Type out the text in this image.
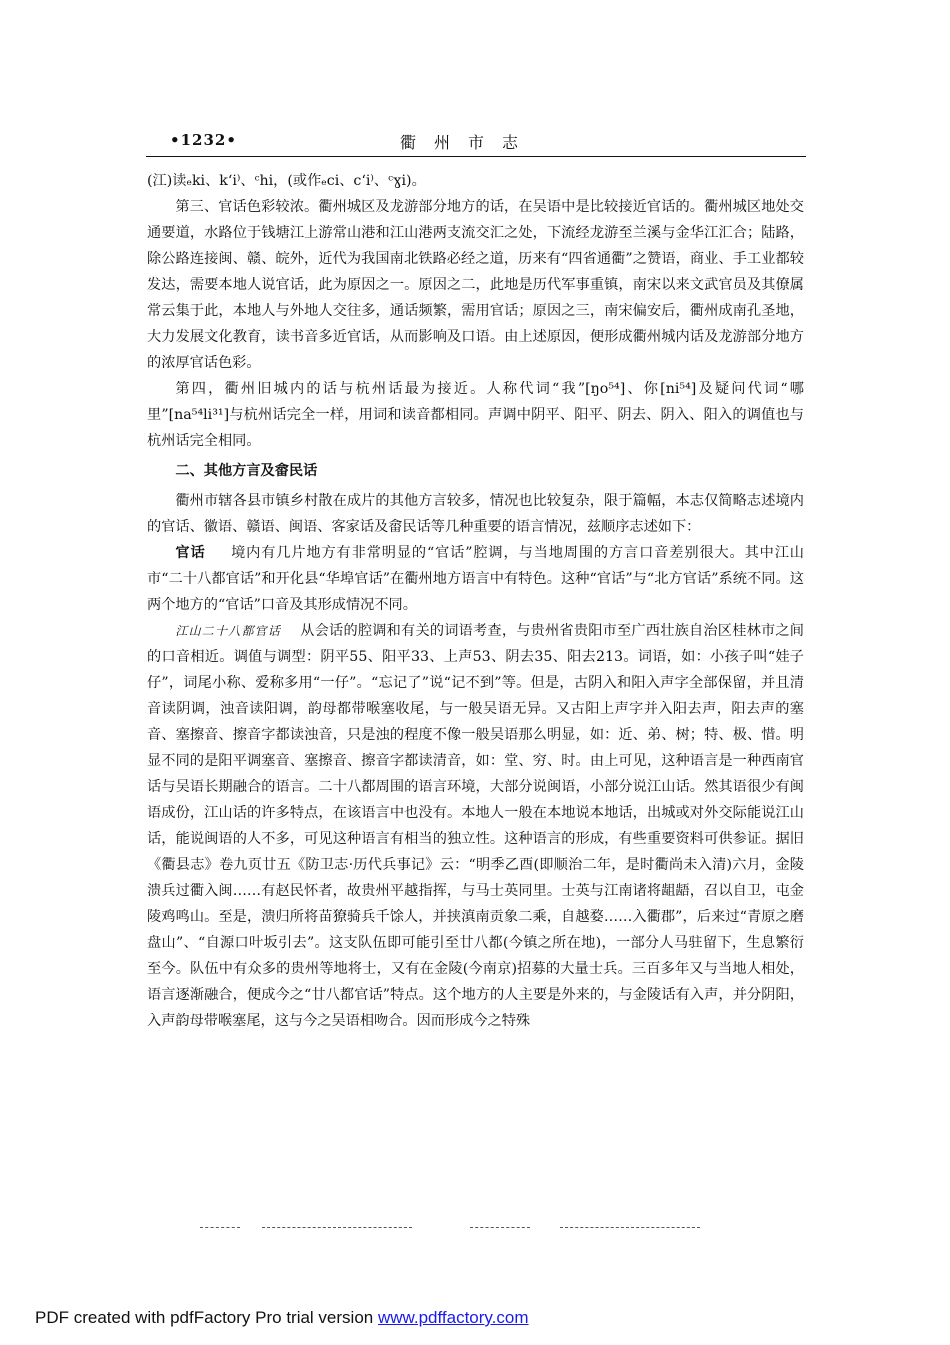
•1232•	衢州市志

(江)读ₑki、kʻi⁾、ᶜhi，(或作ₑci、cʻi⁾、ᶜɣi)。

第三、官话色彩较浓。衢州城区及龙游部分地方的话，在吴语中是比较接近官话的。衢州城区地处交通要道，水路位于钱塘江上游常山港和江山港两支流交汇之处，下流经龙游至兰溪与金华江汇合；陆路，除公路连接闽、赣、皖外，近代为我国南北铁路必经之道，历来有“四省通衢”之赞语，商业、手工业都较发达，需要本地人说官话，此为原因之一。原因之二，此地是历代军事重镇，南宋以来文武官员及其僚属常云集于此，本地人与外地人交往多，通话频繁，需用官话；原因之三，南宋偏安后，衢州成南孔圣地，大力发展文化教育，读书音多近官话，从而影响及口语。由上述原因，便形成衢州城内话及龙游部分地方的浓厚官话色彩。

第四，衢州旧城内的话与杭州话最为接近。人称代词“我”[ŋo⁵⁴]、你[ni⁵⁴]及疑问代词“哪里”[na⁵⁴li³¹]与杭州话完全一样，用词和读音都相同。声调中阴平、阳平、阴去、阴入、阳入的调值也与杭州话完全相同。

二、其他方言及畲民话

衢州市辖各县市镇乡村散在成片的其他方言较多，情况也比较复杂，限于篇幅，本志仅简略志述境内的官话、徽语、赣语、闽语、客家话及畲民话等几种重要的语言情况，兹顺序志述如下：

官话 境内有几片地方有非常明显的“官话”腔调，与当地周围的方言口音差别很大。其中江山市“二十八都官话”和开化县“华埠官话”在衢州地方语言中有特色。这种“官话”与“北方官话”系统不同。这两个地方的“官话”口音及其形成情况不同。

江山二十八都官话 从会话的腔调和有关的词语考查，与贵州省贵阳市至广西壮族自治区桂林市之间的口音相近。调值与调型：阴平55、阳平33、上声53、阴去35、阳去213。词语，如：小孩子叫“娃子仔”，词尾小称、爱称多用“一仔”。“忘记了”说“记不到”等。但是，古阴入和阳入声字全部保留，并且清音读阴调，浊音读阳调，韵母都带喉塞收尾，与一般吴语无异。又古阳上声字并入阳去声，阳去声的塞音、塞擦音、擦音字都读浊音，只是浊的程度不像一般吴语那么明显，如：近、弟、树；特、极、惜。明显不同的是阳平调塞音、塞擦音、擦音字都读清音，如：堂、穷、时。由上可见，这种语言是一种西南官话与吴语长期融合的语言。二十八都周围的语言环境，大部分说闽语，小部分说江山话。然其语很少有闽语成份，江山话的许多特点，在该语言中也没有。本地人一般在本地说本地话，出城或对外交际能说江山话，能说闽语的人不多，可见这种语言有相当的独立性。这种语言的形成，有些重要资料可供参证。据旧《衢县志》卷九页廿五《防卫志·历代兵事记》云：“明季乙酉(即顺治二年，是时衢尚未入清)六月，金陵溃兵过衢入闽……有赵民怀者，故贵州平越指挥，与马士英同里。士英与江南诸将龃龉，召以自卫，屯金陵鸡鸣山。至是，溃归所将苗獠骑兵千馀人，并挟滇南贡象二乘，自越婺……入衢郡”，后来过“青原之磨盘山”、“自源口叶坂引去”。这支队伍即可能引至廿八都(今镇之所在地)，一部分人马驻留下，生息繁衍至今。队伍中有众多的贵州等地将士，又有在金陵(今南京)招募的大量士兵。三百多年又与当地人相处，语言逐渐融合，便成今之“廿八都官话”特点。这个地方的人主要是外来的，与金陵话有入声，并分阴阳，入声韵母带喉塞尾，这与今之吴语相吻合。因而形成今之特殊

PDF created with pdfFactory Pro trial version www.pdffactory.com
